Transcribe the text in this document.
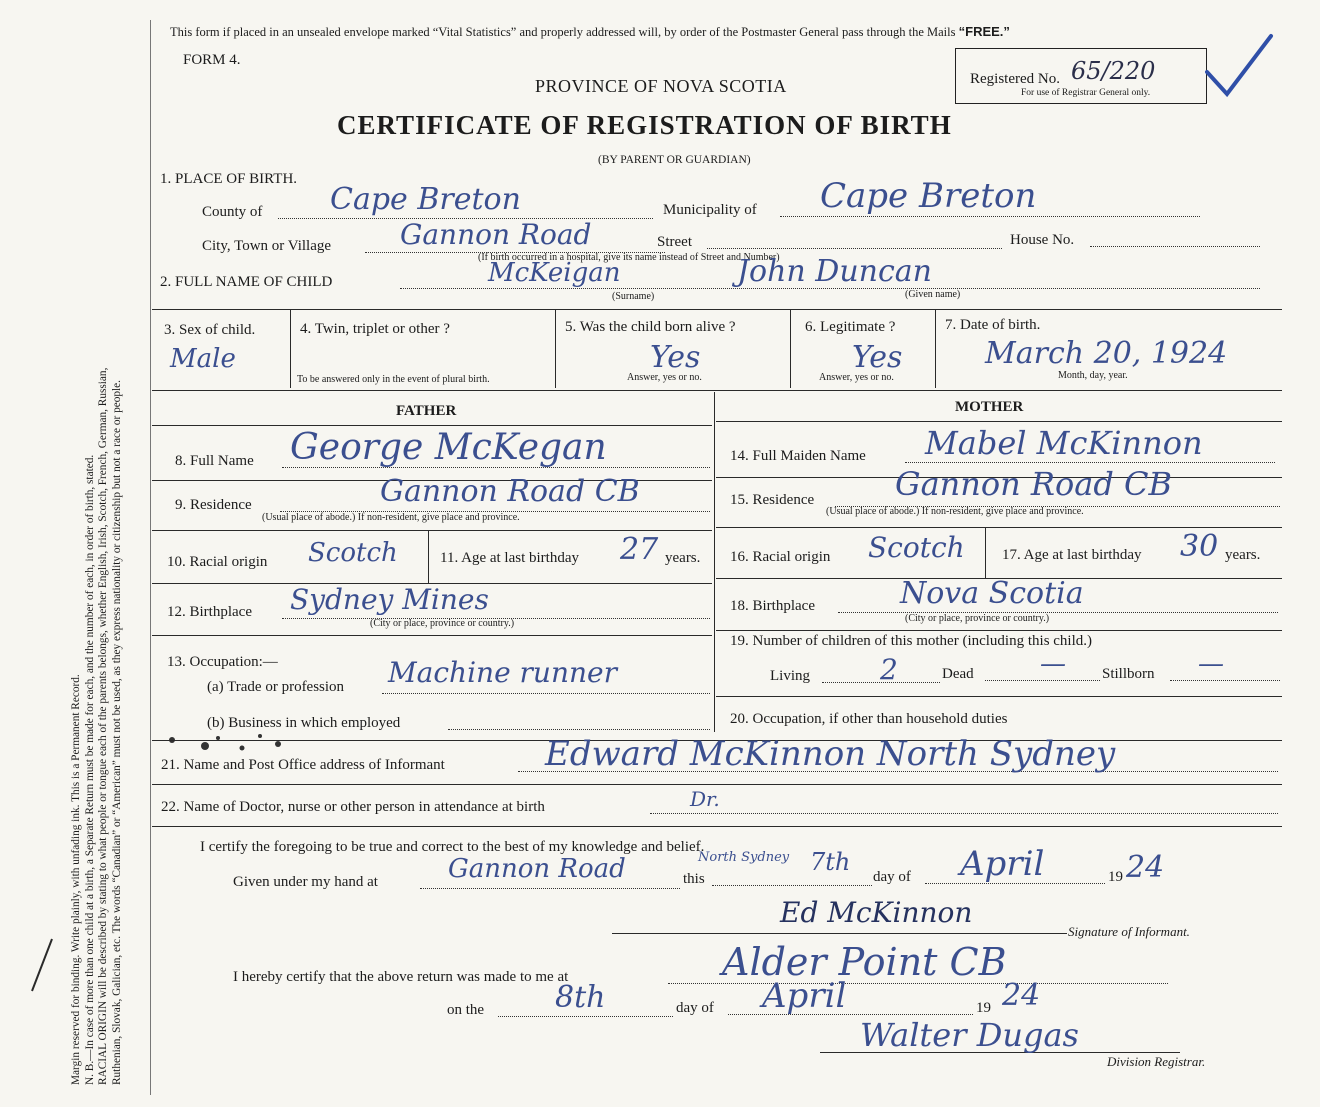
Margin reserved for binding. Write plainly, with unfading ink. This is a Permanent Record. N. B.—In case of more than one child at a birth, a Separate Return must be made for each, and the number of each, in order of birth, stated. RACIAL ORIGIN will be described by stating to what people or tongue each of the parents belongs, whether English, Irish, Scotch, French, German, Russian, Ruthenian, Slovak, Galician, etc. The words “Canadian” or “American” must not be used, as they express nationality or citizenship but not a race or people.

This form if placed in an unsealed envelope marked “Vital Statistics” and properly addressed will, by order of the Postmaster General pass through the Mails “FREE.”
FORM 4.
PROVINCE OF NOVA SCOTIA
CERTIFICATE OF REGISTRATION OF BIRTH
(BY PARENT OR GUARDIAN)
Registered No. 65/220
For use of Registrar General only.
1. PLACE OF BIRTH.
County of Cape Breton	Municipality of Cape Breton
City, Town or Village Gannon Road	Street	House No.
(If birth occurred in a hospital, give its name instead of Street and Number)
2. FULL NAME OF CHILD	McKeigan	John Duncan
(Surname)	(Given name)
3. Sex of child.
Male
4. Twin, triplet or other ?
To be answered only in the event of plural birth.
5. Was the child born alive ?
Yes
Answer, yes or no.
6. Legitimate ?
Yes
Answer, yes or no.
7. Date of birth.
March 20, 1924
Month, day, year.
FATHER	MOTHER
8. Full Name George McKegan
9. Residence	Gannon Road CB
(Usual place of abode.) If non-resident, give place and province.
10. Racial origin Scotch	11. Age at last birthday 27 years.
12. Birthplace Sydney Mines
(City or place, province or country.)
13. Occupation:—
(a) Trade or profession Machine runner
(b) Business in which employed
14. Full Maiden Name Mabel McKinnon
15. Residence	Gannon Road CB
(Usual place of abode.) If non-resident, give place and province.
16. Racial origin Scotch 17. Age at last birthday 30 years.
18. Birthplace	Nova Scotia
(City or place, province or country.)
19. Number of children of this mother (including this child.)
Living	2	Dead	— Stillborn —
20. Occupation, if other than household duties
21. Name and Post Office address of Informant	Edward McKinnon North Sydney
22. Name of Doctor, nurse or other person in attendance at birth	Dr.
I certify the foregoing to be true and correct to the best of my knowledge and belief.
Given under my hand at	Gannon Road	North Sydney
this
7th
day of April	19 24
Ed McKinnon
Signature of Informant.
I hereby certify that the above return was made to me at	Alder Point CB
on the 8th	day of April	19 24
Walter Dugas
Division Registrar.
